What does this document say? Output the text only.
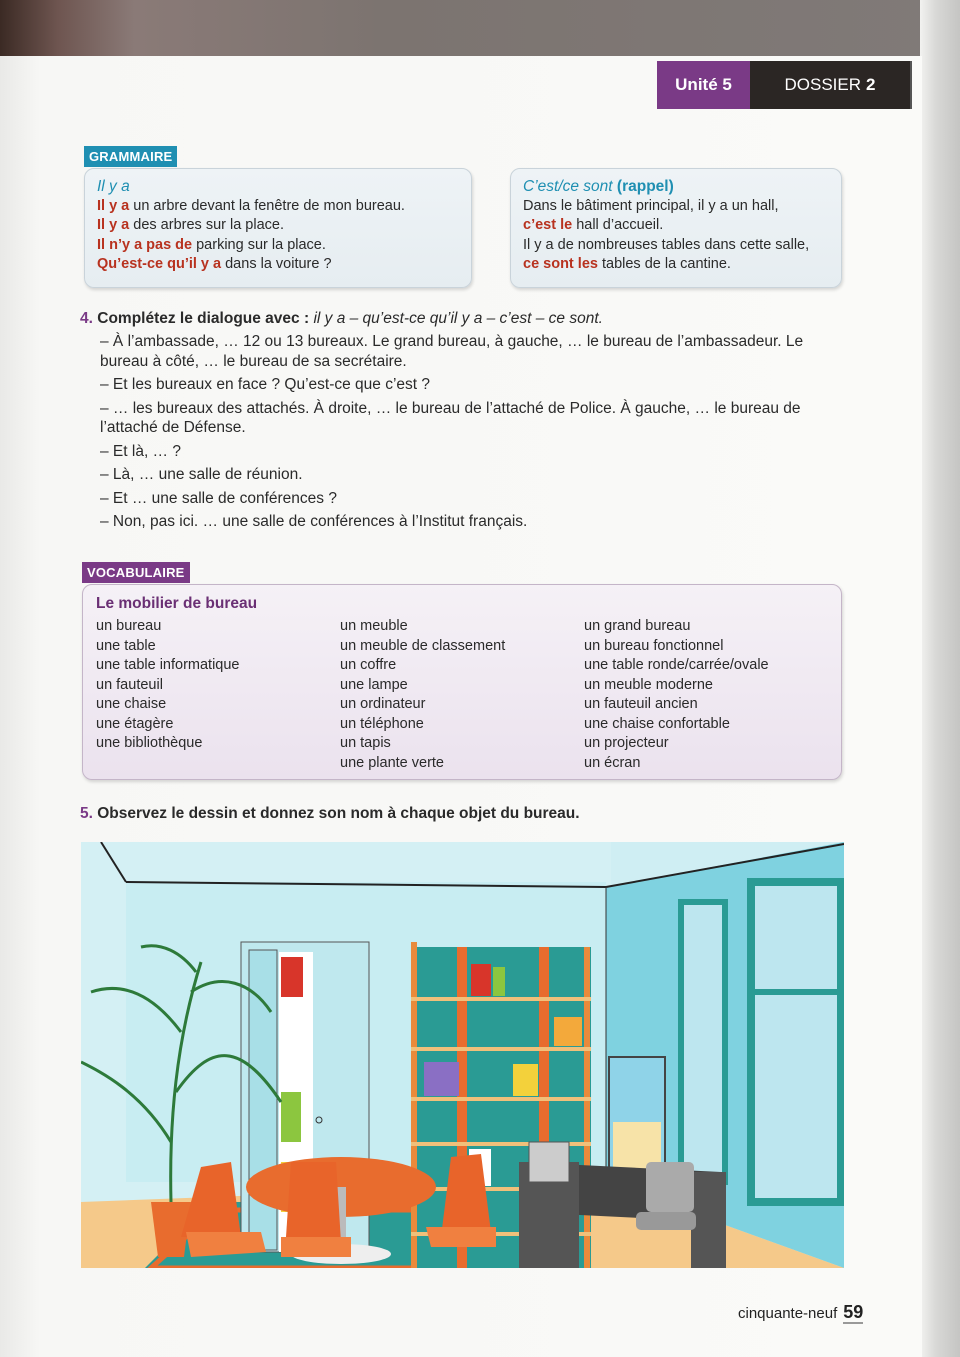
Unité 5	DOSSIER 2
GRAMMAIRE
Il y a
Il y a un arbre devant la fenêtre de mon bureau.
Il y a des arbres sur la place.
Il n’y a pas de parking sur la place.
Qu’est-ce qu’il y a dans la voiture ?
C’est/ce sont (rappel)
Dans le bâtiment principal, il y a un hall,
c’est le hall d’accueil.
Il y a de nombreuses tables dans cette salle,
ce sont les tables de la cantine.
4. Complétez le dialogue avec : il y a – qu’est-ce qu’il y a – c’est – ce sont.

– À l’ambassade, … 12 ou 13 bureaux. Le grand bureau, à gauche, … le bureau de l’ambassadeur. Le bureau à côté, … le bureau de sa secrétaire.

– Et les bureaux en face ? Qu’est-ce que c’est ?

– … les bureaux des attachés. À droite, … le bureau de l’attaché de Police. À gauche, … le bureau de l’attaché de Défense.

– Et là, … ?

– Là, … une salle de réunion.

– Et … une salle de conférences ?

– Non, pas ici. … une salle de conférences à l’Institut français.

VOCABULAIRE
Le mobilier de bureau
un bureau
une table
une table informatique
un fauteuil
une chaise
une étagère
une bibliothèque
un meuble
un meuble de classement
un coffre
une lampe
un ordinateur
un téléphone
un tapis
une plante verte
un grand bureau
un bureau fonctionnel
une table ronde/carrée/ovale
un meuble moderne
un fauteuil ancien
une chaise confortable
un projecteur
un écran
5. Observez le dessin et donnez son nom à chaque objet du bureau.
cinquante-neuf 59
